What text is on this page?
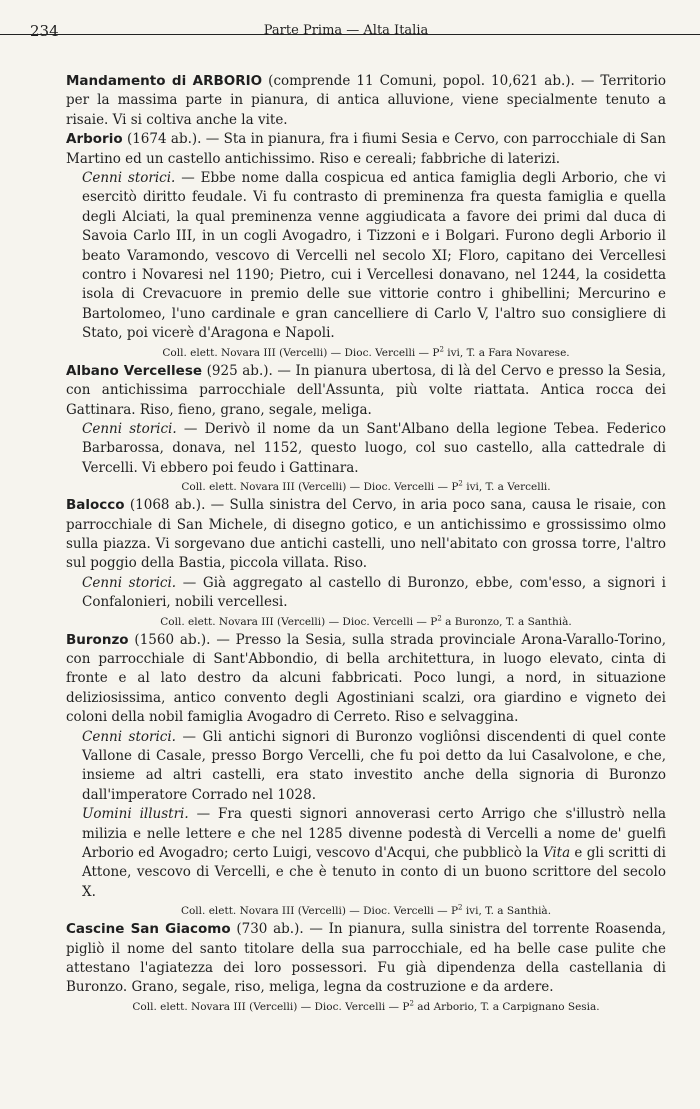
234	Parte Prima — Alta Italia

Mandamento di ARBORIO (comprende 11 Comuni, popol. 10,621 ab.). — Territorio per la massima parte in pianura, di antica alluvione, viene specialmente tenuto a risaie. Vi si coltiva anche la vite.

Arborio (1674 ab.). — Sta in pianura, fra i fiumi Sesia e Cervo, con parrocchiale di San Martino ed un castello antichissimo. Riso e cereali; fabbriche di laterizi.

Cenni storici. — Ebbe nome dalla cospicua ed antica famiglia degli Arborio, che vi esercitò diritto feudale. Vi fu contrasto di preminenza fra questa famiglia e quella degli Alciati, la qual preminenza venne aggiudicata a favore dei primi dal duca di Savoia Carlo III, in un cogli Avogadro, i Tizzoni e i Bolgari. Furono degli Arborio il beato Varamondo, vescovo di Vercelli nel secolo XI; Floro, capitano dei Vercellesi contro i Novaresi nel 1190; Pietro, cui i Vercellesi donavano, nel 1244, la cosidetta isola di Crevacuore in premio delle sue vittorie contro i ghibellini; Mercurino e Bartolomeo, l'uno cardinale e gran cancelliere di Carlo V, l'altro suo consigliere di Stato, poi vicerè d'Aragona e Napoli.

Coll. elett. Novara III (Vercelli) — Dioc. Vercelli — $P^2$ ivi, T. a Fara Novarese.

Albano Vercellese (925 ab.). — In pianura ubertosa, di là del Cervo e presso la Sesia, con antichissima parrocchiale dell'Assunta, più volte riattata. Antica rocca dei Gattinara. Riso, fieno, grano, segale, meliga.

Cenni storici. — Derivò il nome da un Sant'Albano della legione Tebea. Federico Barbarossa, donava, nel 1152, questo luogo, col suo castello, alla cattedrale di Vercelli. Vi ebbero poi feudo i Gattinara.

Coll. elett. Novara III (Vercelli) — Dioc. Vercelli — $P^2$ ivi, T. a Vercelli.

Balocco (1068 ab.). — Sulla sinistra del Cervo, in aria poco sana, causa le risaie, con parrocchiale di San Michele, di disegno gotico, e un antichissimo e grossissimo olmo sulla piazza. Vi sorgevano due antichi castelli, uno nell'abitato con grossa torre, l'altro sul poggio della Bastia, piccola villata. Riso.

Cenni storici. — Già aggregato al castello di Buronzo, ebbe, com'esso, a signori i Confalonieri, nobili vercellesi.

Coll. elett. Novara III (Vercelli) — Dioc. Vercelli — $P^2$ a Buronzo, T. a Santhià.

Buronzo (1560 ab.). — Presso la Sesia, sulla strada provinciale Arona-Varallo-Torino, con parrocchiale di Sant'Abbondio, di bella architettura, in luogo elevato, cinta di fronte e al lato destro da alcuni fabbricati. Poco lungi, a nord, in situazione deliziosissima, antico convento degli Agostiniani scalzi, ora giardino e vigneto dei coloni della nobil famiglia Avogadro di Cerreto. Riso e selvaggina.

Cenni storici. — Gli antichi signori di Buronzo vogliônsi discendenti di quel conte Vallone di Casale, presso Borgo Vercelli, che fu poi detto da lui Casalvolone, e che, insieme ad altri castelli, era stato investito anche della signoria di Buronzo dall'imperatore Corrado nel 1028.

Uomini illustri. — Fra questi signori annoverasi certo Arrigo che s'illustrò nella milizia e nelle lettere e che nel 1285 divenne podestà di Vercelli a nome de' guelfi Arborio ed Avogadro; certo Luigi, vescovo d'Acqui, che pubblicò la Vita e gli scritti di Attone, vescovo di Vercelli, e che è tenuto in conto di un buono scrittore del secolo X.

Coll. elett. Novara III (Vercelli) — Dioc. Vercelli — $P^2$ ivi, T. a Santhià.

Cascine San Giacomo (730 ab.). — In pianura, sulla sinistra del torrente Roasenda, pigliò il nome del santo titolare della sua parrocchiale, ed ha belle case pulite che attestano l'agiatezza dei loro possessori. Fu già dipendenza della castellania di Buronzo. Grano, segale, riso, meliga, legna da costruzione e da ardere.

Coll. elett. Novara III (Vercelli) — Dioc. Vercelli — $P^2$ ad Arborio, T. a Carpignano Sesia.
